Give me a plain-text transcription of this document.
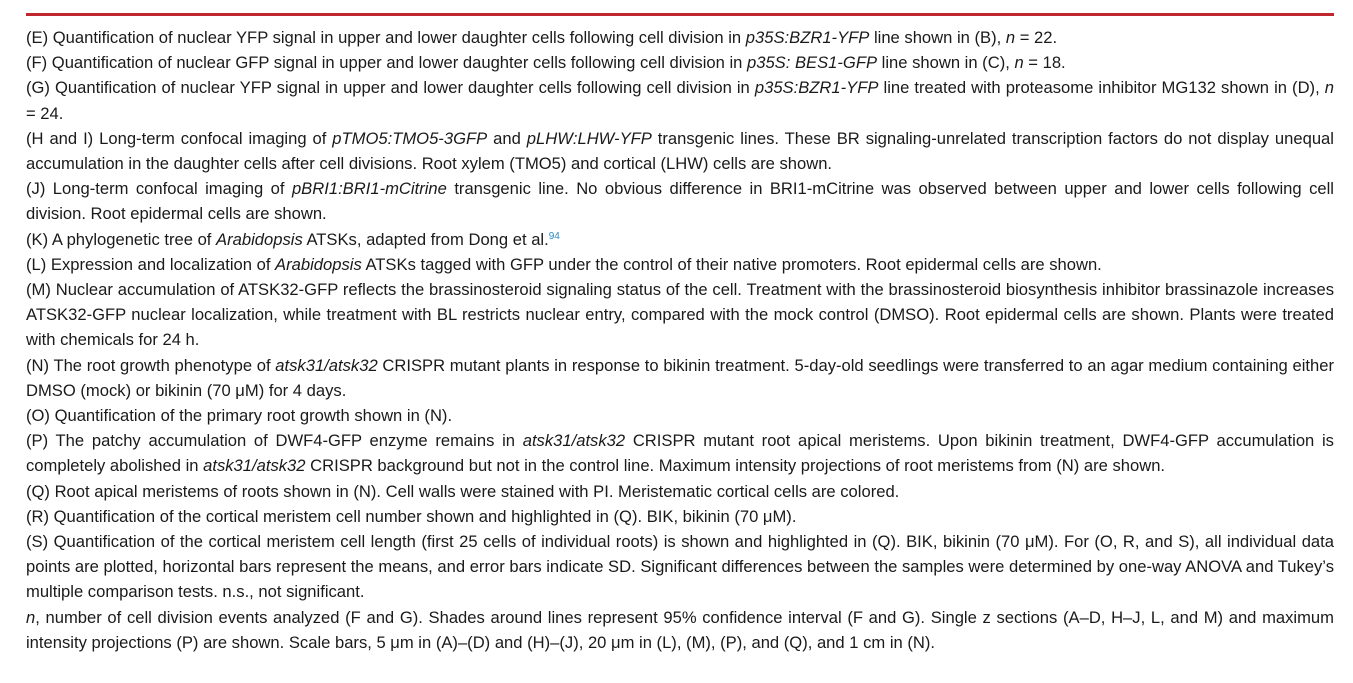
(E) Quantification of nuclear YFP signal in upper and lower daughter cells following cell division in p35S:BZR1-YFP line shown in (B), n = 22.

(F) Quantification of nuclear GFP signal in upper and lower daughter cells following cell division in p35S: BES1-GFP line shown in (C), n = 18.

(G) Quantification of nuclear YFP signal in upper and lower daughter cells following cell division in p35S:BZR1-YFP line treated with proteasome inhibitor MG132 shown in (D), n = 24.

(H and I) Long-term confocal imaging of pTMO5:TMO5-3GFP and pLHW:LHW-YFP transgenic lines. These BR signaling-unrelated transcription factors do not display unequal accumulation in the daughter cells after cell divisions. Root xylem (TMO5) and cortical (LHW) cells are shown.

(J) Long-term confocal imaging of pBRI1:BRI1-mCitrine transgenic line. No obvious difference in BRI1-mCitrine was observed between upper and lower cells following cell division. Root epidermal cells are shown.

(K) A phylogenetic tree of Arabidopsis ATSKs, adapted from Dong et al.$^{94}$

(L) Expression and localization of Arabidopsis ATSKs tagged with GFP under the control of their native promoters. Root epidermal cells are shown.

(M) Nuclear accumulation of ATSK32-GFP reflects the brassinosteroid signaling status of the cell. Treatment with the brassinosteroid biosynthesis inhibitor brassinazole increases ATSK32-GFP nuclear localization, while treatment with BL restricts nuclear entry, compared with the mock control (DMSO). Root epidermal cells are shown. Plants were treated with chemicals for 24 h.

(N) The root growth phenotype of atsk31/atsk32 CRISPR mutant plants in response to bikinin treatment. 5-day-old seedlings were transferred to an agar medium containing either DMSO (mock) or bikinin (70 μM) for 4 days.

(O) Quantification of the primary root growth shown in (N).

(P) The patchy accumulation of DWF4-GFP enzyme remains in atsk31/atsk32 CRISPR mutant root apical meristems. Upon bikinin treatment, DWF4-GFP accumulation is completely abolished in atsk31/atsk32 CRISPR background but not in the control line. Maximum intensity projections of root meristems from (N) are shown.

(Q) Root apical meristems of roots shown in (N). Cell walls were stained with PI. Meristematic cortical cells are colored.

(R) Quantification of the cortical meristem cell number shown and highlighted in (Q). BIK, bikinin (70 μM).

(S) Quantification of the cortical meristem cell length (first 25 cells of individual roots) is shown and highlighted in (Q). BIK, bikinin (70 μM). For (O, R, and S), all individual data points are plotted, horizontal bars represent the means, and error bars indicate SD. Significant differences between the samples were determined by one-way ANOVA and Tukey’s multiple comparison tests. n.s., not significant.

n, number of cell division events analyzed (F and G). Shades around lines represent 95% confidence interval (F and G). Single z sections (A–D, H–J, L, and M) and maximum intensity projections (P) are shown. Scale bars, 5 μm in (A)–(D) and (H)–(J), 20 μm in (L), (M), (P), and (Q), and 1 cm in (N).
